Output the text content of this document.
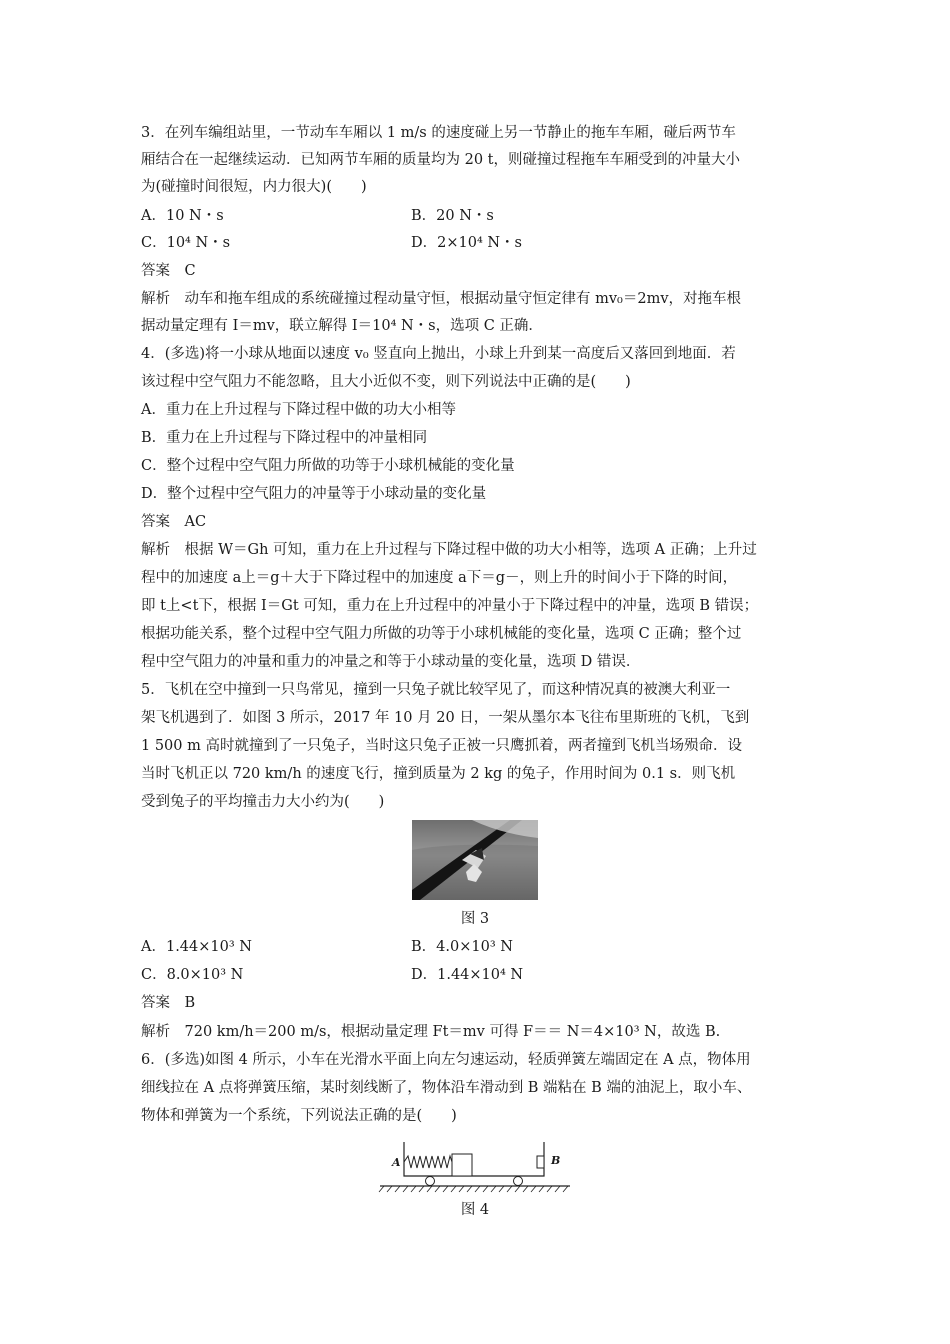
3．在列车编组站里，一节动车车厢以 1 m/s 的速度碰上另一节静止的拖车车厢，碰后两节车
厢结合在一起继续运动．已知两节车厢的质量均为 20 t，则碰撞过程拖车车厢受到的冲量大小
为(碰撞时间很短，内力很大)(　　)
A．10 N・s	B．20 N・s
C．10⁴ N・s	D．2×10⁴ N・s
答案　C
解析　动车和拖车组成的系统碰撞过程动量守恒，根据动量守恒定律有 mv₀＝2mv，对拖车根
据动量定理有 I＝mv，联立解得 I＝10⁴ N・s，选项 C 正确．
4．(多选)将一小球从地面以速度 v₀ 竖直向上抛出，小球上升到某一高度后又落回到地面．若
该过程中空气阻力不能忽略，且大小近似不变，则下列说法中正确的是(　　)
A．重力在上升过程与下降过程中做的功大小相等
B．重力在上升过程与下降过程中的冲量相同
C．整个过程中空气阻力所做的功等于小球机械能的变化量
D．整个过程中空气阻力的冲量等于小球动量的变化量
答案　AC
解析　根据 W＝Gh 可知，重力在上升过程与下降过程中做的功大小相等，选项 A 正确；上升过
程中的加速度 a上＝g＋大于下降过程中的加速度 a下＝g－，则上升的时间小于下降的时间，
即 t上<t下，根据 I＝Gt 可知，重力在上升过程中的冲量小于下降过程中的冲量，选项 B 错误；
根据功能关系，整个过程中空气阻力所做的功等于小球机械能的变化量，选项 C 正确；整个过
程中空气阻力的冲量和重力的冲量之和等于小球动量的变化量，选项 D 错误．
5．飞机在空中撞到一只鸟常见，撞到一只兔子就比较罕见了，而这种情况真的被澳大利亚一
架飞机遇到了．如图 3 所示，2017 年 10 月 20 日，一架从墨尔本飞往布里斯班的飞机，飞到
1 500 m 高时就撞到了一只兔子，当时这只兔子正被一只鹰抓着，两者撞到飞机当场殒命．设
当时飞机正以 720 km/h 的速度飞行，撞到质量为 2 kg 的兔子，作用时间为 0.1 s．则飞机
受到兔子的平均撞击力大小约为(　　)
图 3
A．1.44×10³ N	B．4.0×10³ N
C．8.0×10³ N	D．1.44×10⁴ N
答案　B
解析　720 km/h＝200 m/s，根据动量定理 Ft＝mv 可得 F＝＝ N＝4×10³ N，故选 B.
6．(多选)如图 4 所示，小车在光滑水平面上向左匀速运动，轻质弹簧左端固定在 A 点，物体用
细线拉在 A 点将弹簧压缩，某时刻线断了，物体沿车滑动到 B 端粘在 B 端的油泥上，取小车、
物体和弹簧为一个系统，下列说法正确的是(　　)
A	B
图 4
